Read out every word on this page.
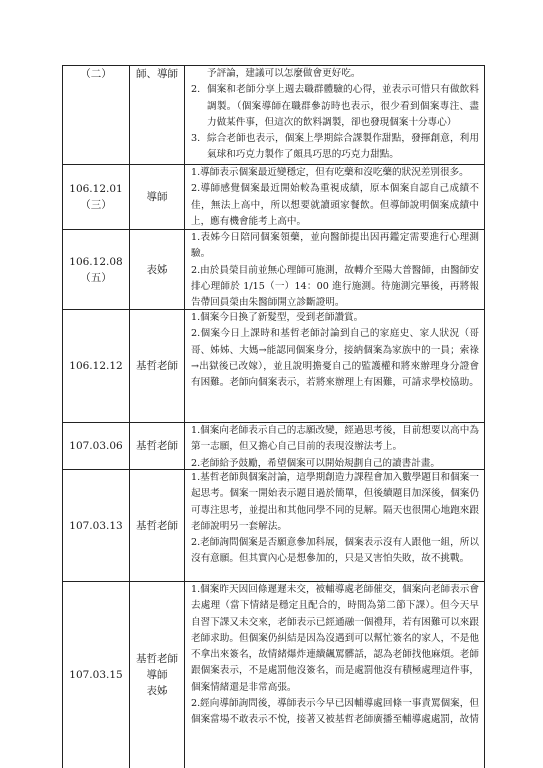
（二） 師、導師	予評論，建議可以怎麼做會更好吃。

2. 個案和老師分享上週去職群體驗的心得，並表示可惜只有做飲料調製。（個案導師在職群參訪時也表示，很少看到個案專注、盡力做某件事，但這次的飲料調製，卻也發現個案十分專心）
3. 綜合老師也表示，個案上學期綜合課製作甜點，發揮創意，利用氣球和巧克力製作了頗具巧思的巧克力甜點。
106.12.01
（三）
導師

1.導師表示個案最近變穩定，但有吃藥和沒吃藥的狀況差別很多。

2.導師感覺個案最近開始較為重視成績，原本個案自認自己成績不佳，無法上高中，所以想要就讀頭家餐飲。但導師說明個案成績中上，應有機會能考上高中。

106.12.08
（五）
表姊

1.表姊今日陪同個案領藥，並向醫師提出因再鑑定需要進行心理測驗。

2.由於員榮目前並無心理師可施測，故轉介至陽大普醫師，由醫師安排心理師於 1/15（一）14：00 進行施測。待施測完畢後，再將報告帶回員榮由朱醫師開立診斷證明。

106.12.12 基哲老師

1.個案今日換了新髮型，受到老師讚賞。

2.個案今日上課時和基哲老師討論到自己的家庭史、家人狀況（哥哥、姊姊、大媽→能認同個案身分，接納個案為家族中的一員；索祿→出獄後已改嫁），並且說明擔憂自己的監護權和將來辦理身分證會有困難。老師向個案表示，若將來辦理上有困難，可請求學校協助。

107.03.06 基哲老師

1.個案向老師表示自己的志願改變，經過思考後，目前想要以高中為第一志願，但又擔心自己目前的表現沒辦法考上。

2.老師給予鼓勵，希望個案可以開始規劃自己的讀書計畫。

107.03.13 基哲老師

1.基哲老師與個案討論，這學期創造力課程會加入數學題目和個案一起思考。個案一開始表示題目過於簡單，但後續題目加深後，個案仍可專注思考，並提出和其他同學不同的見解。隔天也很開心地跑來跟老師說明另一套解法。

2.老師詢問個案是否願意參加科展，個案表示沒有人跟他一組，所以沒有意願。但其實內心是想參加的，只是又害怕失敗，故不挑戰。

107.03.15
基哲老師
導師
表姊

1.個案昨天因回條遲遲未交，被輔導處老師催交，個案向老師表示會去處理（當下情緒是穩定且配合的，時間為第二節下課）。但今天早自習下課又未交來，老師表示已經通融一個禮拜，若有困難可以來跟老師求助。但個案仍糾結是因為沒遇到可以幫忙簽名的家人，不是他不拿出來簽名，故情緒爆炸連續飆罵髒話，認為老師找他麻煩。老師跟個案表示，不是處罰他沒簽名，而是處罰他沒有積極處理這件事，個案情緒還是非常高張。

2.經向導師詢問後，導師表示今早已因輔導處回條一事責罵個案，但個案當場不敢表示不悅，接著又被基哲老師廣播至輔導處處罰，故情
